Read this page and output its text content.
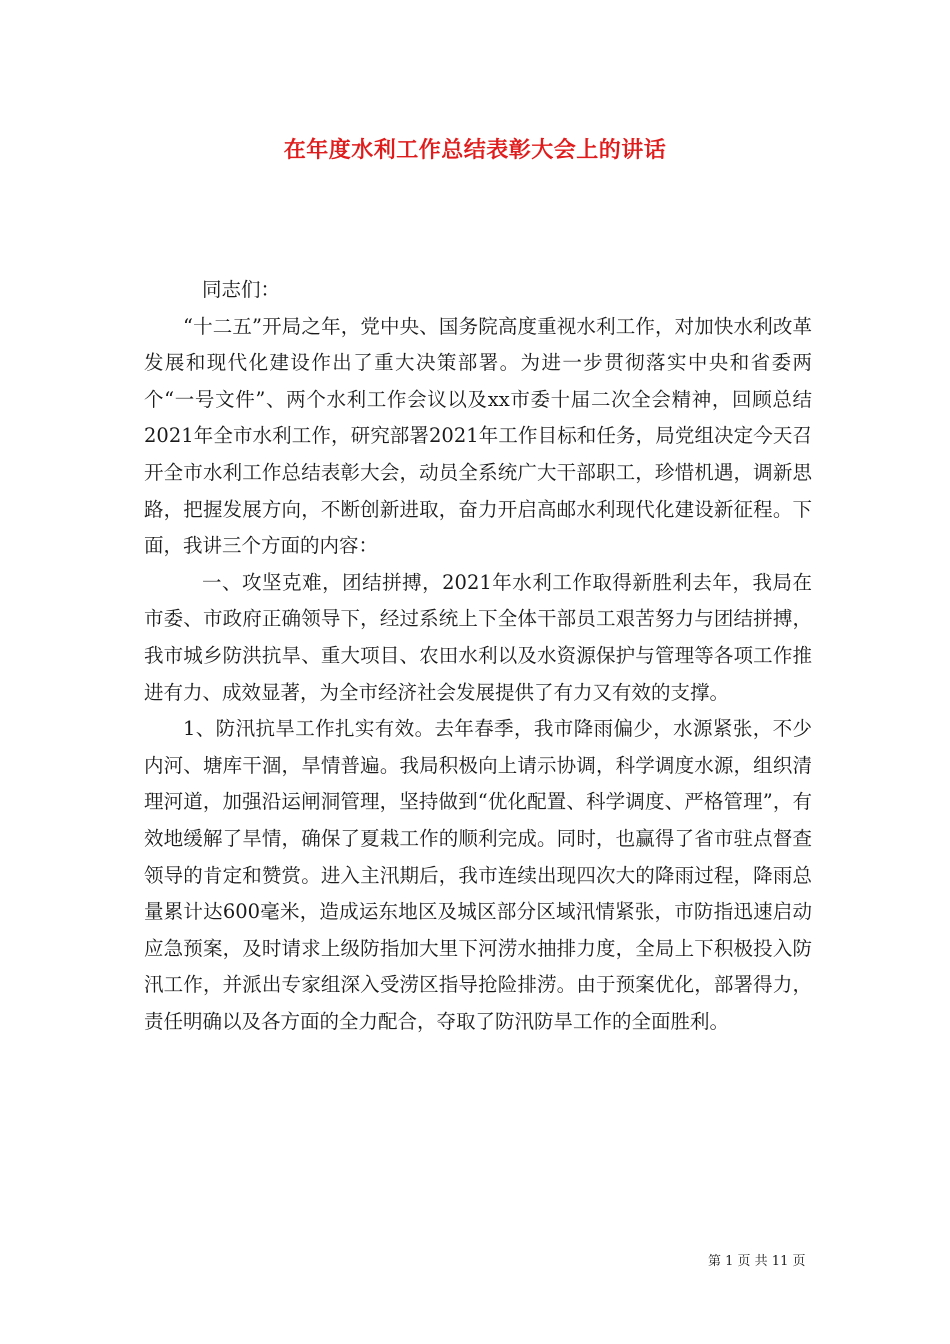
在年度水利工作总结表彰大会上的讲话

同志们：

“十二五”开局之年，党中央、国务院高度重视水利工作，对加快水利改革发展和现代化建设作出了重大决策部署。为进一步贯彻落实中央和省委两个“一号文件”、两个水利工作会议以及xx市委十届二次全会精神，回顾总结2021年全市水利工作，研究部署2021年工作目标和任务，局党组决定今天召开全市水利工作总结表彰大会，动员全系统广大干部职工，珍惜机遇，调新思路，把握发展方向，不断创新进取，奋力开启高邮水利现代化建设新征程。下面，我讲三个方面的内容：

一、攻坚克难，团结拼搏，2021年水利工作取得新胜利去年，我局在市委、市政府正确领导下，经过系统上下全体干部员工艰苦努力与团结拼搏，我市城乡防洪抗旱、重大项目、农田水利以及水资源保护与管理等各项工作推进有力、成效显著，为全市经济社会发展提供了有力又有效的支撑。

1、防汛抗旱工作扎实有效。去年春季，我市降雨偏少，水源紧张，不少内河、塘库干涸，旱情普遍。我局积极向上请示协调，科学调度水源，组织清理河道，加强沿运闸洞管理，坚持做到“优化配置、科学调度、严格管理”，有效地缓解了旱情，确保了夏栽工作的顺利完成。同时，也赢得了省市驻点督查领导的肯定和赞赏。进入主汛期后，我市连续出现四次大的降雨过程，降雨总量累计达600毫米，造成运东地区及城区部分区域汛情紧张，市防指迅速启动应急预案，及时请求上级防指加大里下河涝水抽排力度，全局上下积极投入防汛工作，并派出专家组深入受涝区指导抢险排涝。由于预案优化，部署得力，责任明确以及各方面的全力配合，夺取了防汛防旱工作的全面胜利。

第 1 页 共 11 页
